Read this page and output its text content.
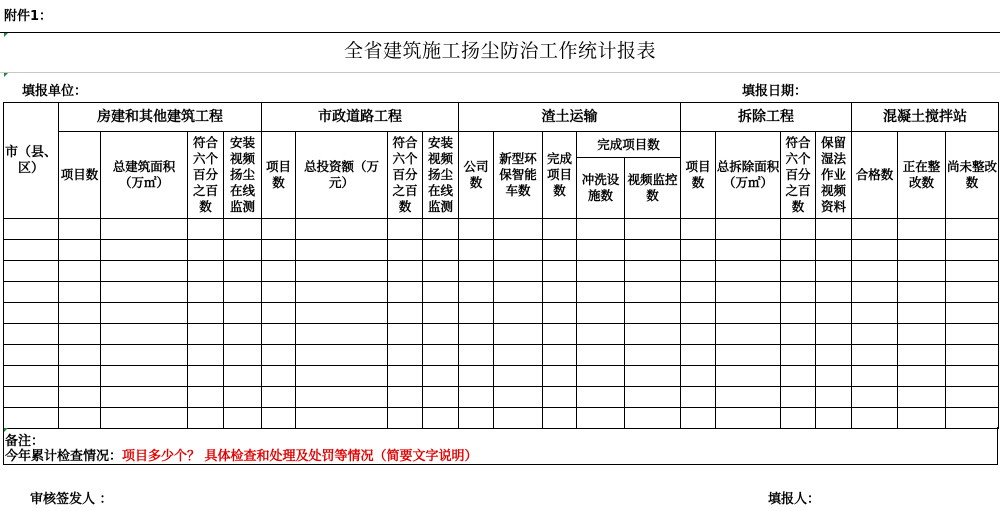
附件1：
全省建筑施工扬尘防治工作统计报表
填报单位：	填报日期：
市（县、区）	房建和其他建筑工程				市政道路工程				渣土运输					拆除工程				混凝土搅拌站		
	项目数	总建筑面积（万㎡）	符合六个百分之百数	安装视频扬尘在线监测	项目数	总投资额（万元）	符合六个百分之百数	安装视频扬尘在线监测	公司数	新型环保智能车数	完成项目数	完成项目数		项目数	总拆除面积（万㎡）	符合六个百分之百数	保留湿法作业视频资料	合格数	正在整改数	尚未整改数
												冲洗设施数	视频监控数							

备注：
今年累计检查情况：项目多少个？ 具体检查和处理及处罚等情况（简要文字说明）
审核签发人 ：	填报人：
